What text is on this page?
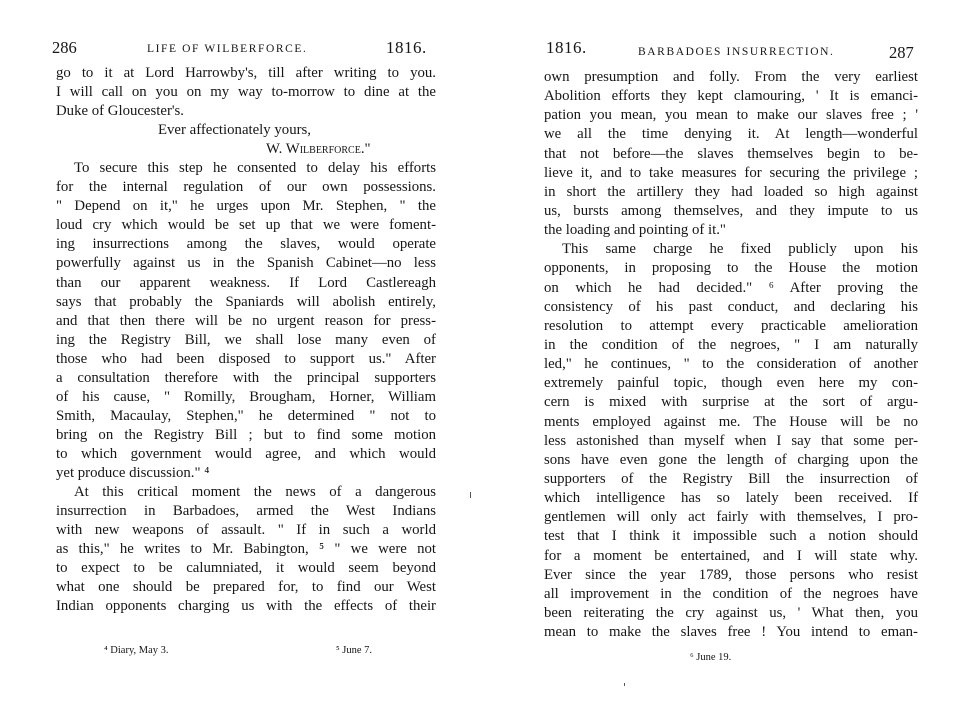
286	LIFE OF WILBERFORCE.	1816.
go to it at Lord Harrowby's, till after writing to you.
I will call on you on my way to-morrow to dine at the
Duke of Gloucester's.
Ever affectionately yours,
W. Wilberforce."
To secure this step he consented to delay his efforts
for the internal regulation of our own possessions.
" Depend on it," he urges upon Mr. Stephen, " the
loud cry which would be set up that we were foment-
ing insurrections among the slaves, would operate
powerfully against us in the Spanish Cabinet—no less
than our apparent weakness. If Lord Castlereagh
says that probably the Spaniards will abolish entirely,
and that then there will be no urgent reason for press-
ing the Registry Bill, we shall lose many even of
those who had been disposed to support us." After
a consultation therefore with the principal supporters
of his cause, " Romilly, Brougham, Horner, William
Smith, Macaulay, Stephen," he determined " not to
bring on the Registry Bill ; but to find some motion
to which government would agree, and which would
yet produce discussion." ⁴
At this critical moment the news of a dangerous
insurrection in Barbadoes, armed the West Indians
with new weapons of assault. " If in such a world
as this," he writes to Mr. Babington, ⁵ " we were not
to expect to be calumniated, it would seem beyond
what one should be prepared for, to find our West
Indian opponents charging us with the effects of their
⁴ Diary, May 3.	⁵ June 7.
1816.	BARBADOES INSURRECTION.	287
own presumption and folly. From the very earliest
Abolition efforts they kept clamouring, ' It is emanci-
pation you mean, you mean to make our slaves free ; '
we all the time denying it. At length—wonderful
that not before—the slaves themselves begin to be-
lieve it, and to take measures for securing the privilege ;
in short the artillery they had loaded so high against
us, bursts among themselves, and they impute to us
the loading and pointing of it."
This same charge he fixed publicly upon his
opponents, in proposing to the House the motion
on which he had decided." ⁶ After proving the
consistency of his past conduct, and declaring his
resolution to attempt every practicable amelioration
in the condition of the negroes, " I am naturally
led," he continues, " to the consideration of another
extremely painful topic, though even here my con-
cern is mixed with surprise at the sort of argu-
ments employed against me. The House will be no
less astonished than myself when I say that some per-
sons have even gone the length of charging upon the
supporters of the Registry Bill the insurrection of
which intelligence has so lately been received. If
gentlemen will only act fairly with themselves, I pro-
test that I think it impossible such a notion should
for a moment be entertained, and I will state why.
Ever since the year 1789, those persons who resist
all improvement in the condition of the negroes have
been reiterating the cry against us, ' What then, you
mean to make the slaves free ! You intend to eman-
⁶ June 19.
